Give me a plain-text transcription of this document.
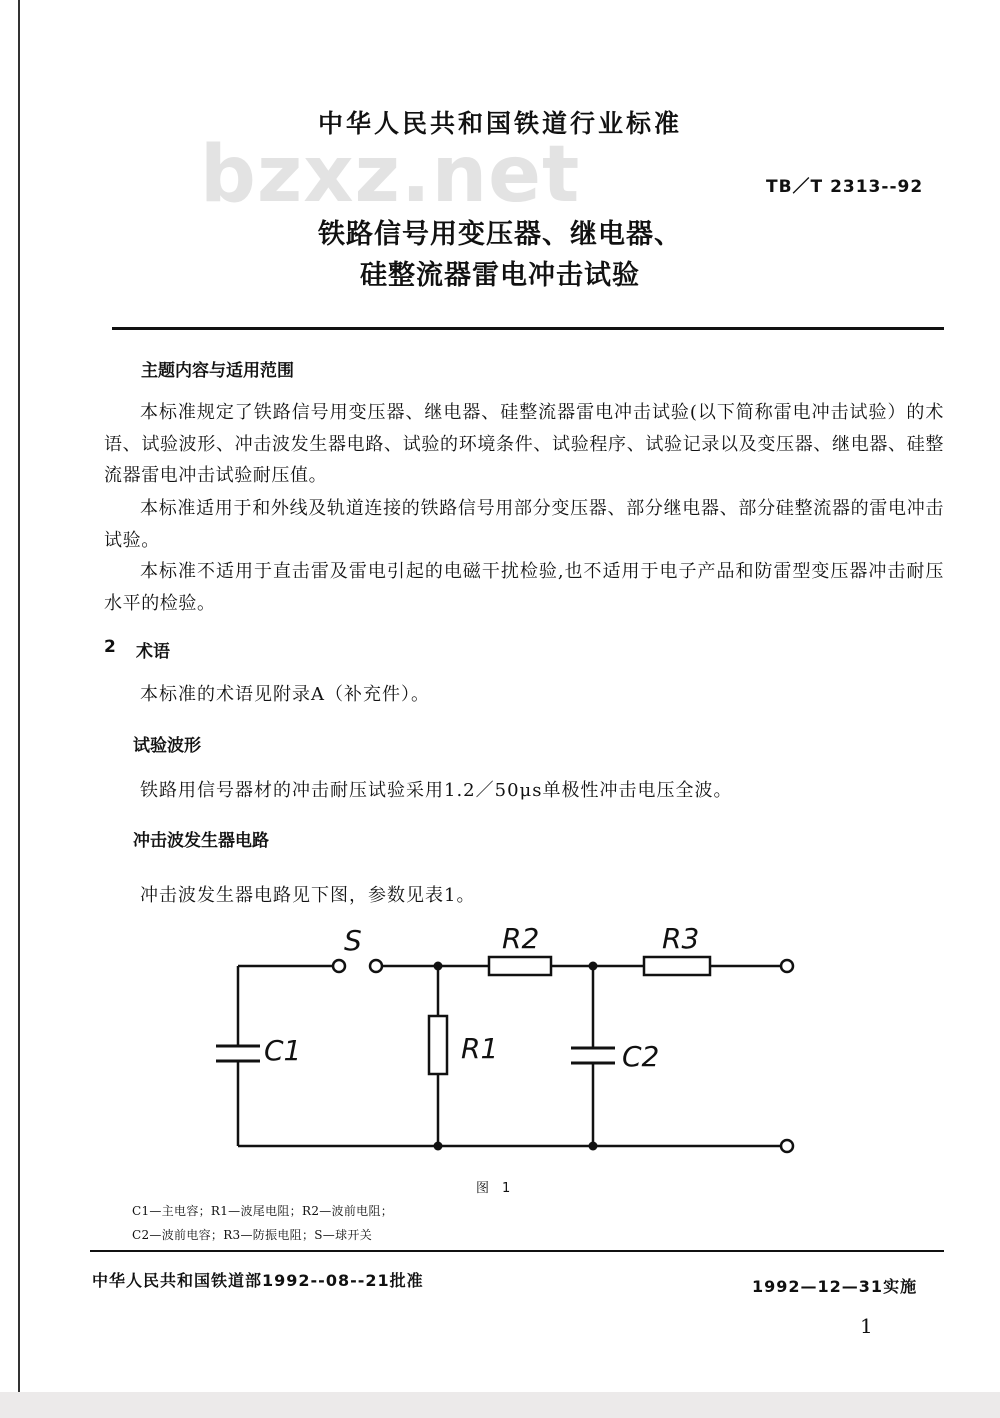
中华人民共和国铁道行业标准
bzxz.net	TB／T 2313--92
铁路信号用变压器、继电器、
硅整流器雷电冲击试验
主题内容与适用范围
本标准规定了铁路信号用变压器、继电器、硅整流器雷电冲击试验(以下简称雷电冲击试验）的术语、试验波形、冲击波发生器电路、试验的环境条件、试验程序、试验记录以及变压器、继电器、硅整流器雷电冲击试验耐压值。
本标准适用于和外线及轨道连接的铁路信号用部分变压器、部分继电器、部分硅整流器的雷电冲击试验。
本标准不适用于直击雷及雷电引起的电磁干扰检验,也不适用于电子产品和防雷型变压器冲击耐压水平的检验。
2 术语
本标准的术语见附录A（补充件）。
试验波形
铁路用信号器材的冲击耐压试验采用1.2／50μs单极性冲击电压全波。
冲击波发生器电路
冲击波发生器电路见下图，参数见表1。
S	R2	R3
C1	R1	C2
图　1
C1—主电容；R1—波尾电阻；R2—波前电阻；
C2—波前电容；R3—防振电阻；S—球开关
中华人民共和国铁道部1992--08--21批准	1992—12—31实施
1
